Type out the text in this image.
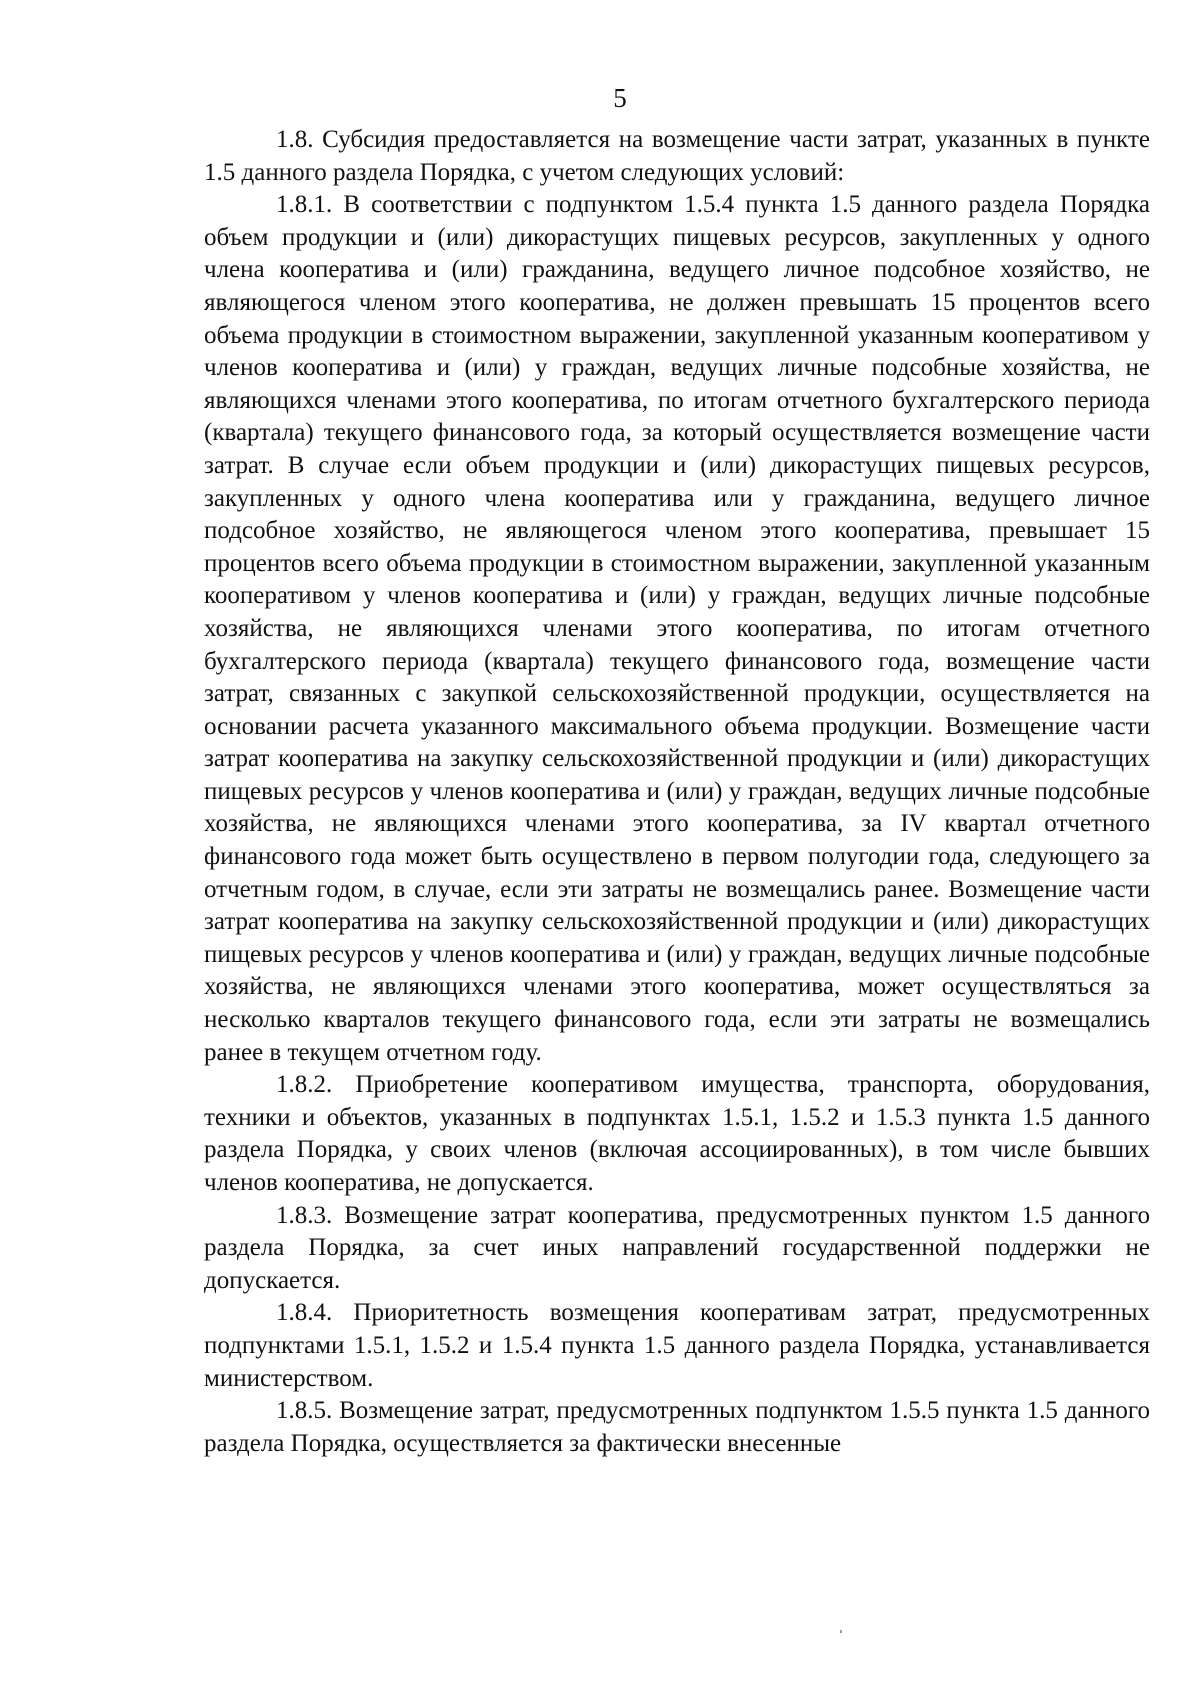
5

1.8. Субсидия предоставляется на возмещение части затрат, указанных в пункте 1.5 данного раздела Порядка, с учетом следующих условий:

1.8.1. В соответствии с подпунктом 1.5.4 пункта 1.5 данного раздела Порядка объем продукции и (или) дикорастущих пищевых ресурсов, закупленных у одного члена кооператива и (или) гражданина, ведущего личное подсобное хозяйство, не являющегося членом этого кооператива, не должен превышать 15 процентов всего объема продукции в стоимостном выражении, закупленной указанным кооперативом у членов кооператива и (или) у граждан, ведущих личные подсобные хозяйства, не являющихся членами этого кооператива, по итогам отчетного бухгалтерского периода (квартала) текущего финансового года, за который осуществляется возмещение части затрат. В случае если объем продукции и (или) дикорастущих пищевых ресурсов, закупленных у одного члена кооператива или у гражданина, ведущего личное подсобное хозяйство, не являющегося членом этого кооператива, превышает 15 процентов всего объема продукции в стоимостном выражении, закупленной указанным кооперативом у членов кооператива и (или) у граждан, ведущих личные подсобные хозяйства, не являющихся членами этого кооператива, по итогам отчетного бухгалтерского периода (квартала) текущего финансового года, возмещение части затрат, связанных с закупкой сельскохозяйственной продукции, осуществляется на основании расчета указанного максимального объема продукции. Возмещение части затрат кооператива на закупку сельскохозяйственной продукции и (или) дикорастущих пищевых ресурсов у членов кооператива и (или) у граждан, ведущих личные подсобные хозяйства, не являющихся членами этого кооператива, за IV квартал отчетного финансового года может быть осуществлено в первом полугодии года, следующего за отчетным годом, в случае, если эти затраты не возмещались ранее. Возмещение части затрат кооператива на закупку сельскохозяйственной продукции и (или) дикорастущих пищевых ресурсов у членов кооператива и (или) у граждан, ведущих личные подсобные хозяйства, не являющихся членами этого кооператива, может осуществляться за несколько кварталов текущего финансового года, если эти затраты не возмещались ранее в текущем отчетном году.

1.8.2. Приобретение кооперативом имущества, транспорта, оборудования, техники и объектов, указанных в подпунктах 1.5.1, 1.5.2 и 1.5.3 пункта 1.5 данного раздела Порядка, у своих членов (включая ассоциированных), в том числе бывших членов кооператива, не допускается.

1.8.3. Возмещение затрат кооператива, предусмотренных пунктом 1.5 данного раздела Порядка, за счет иных направлений государственной поддержки не допускается.

1.8.4. Приоритетность возмещения кооперативам затрат, предусмотренных подпунктами 1.5.1, 1.5.2 и 1.5.4 пункта 1.5 данного раздела Порядка, устанавливается министерством.

1.8.5. Возмещение затрат, предусмотренных подпунктом 1.5.5 пункта 1.5 данного раздела Порядка, осуществляется за фактически внесенные
